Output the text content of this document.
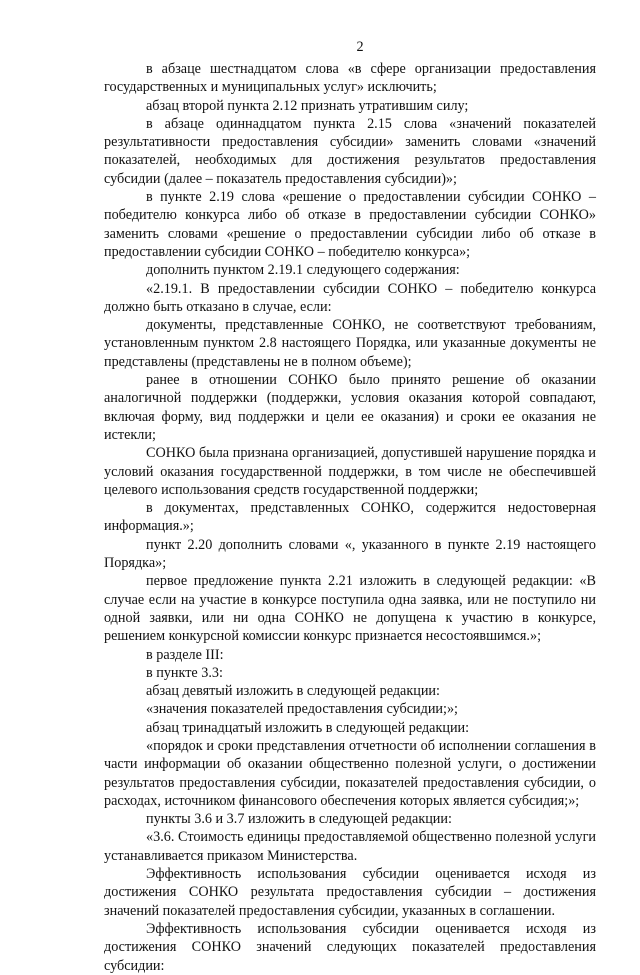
2

в абзаце шестнадцатом слова «в сфере организации предоставления государственных и муниципальных услуг» исключить;

абзац второй пункта 2.12 признать утратившим силу;

в абзаце одиннадцатом пункта 2.15 слова «значений показателей результативности предоставления субсидии» заменить словами «значений показателей, необходимых для достижения результатов предоставления субсидии (далее – показатель предоставления субсидии)»;

в пункте 2.19 слова «решение о предоставлении субсидии СОНКО – победителю конкурса либо об отказе в предоставлении субсидии СОНКО» заменить словами «решение о предоставлении субсидии либо об отказе в предоставлении субсидии СОНКО – победителю конкурса»;

дополнить пунктом 2.19.1 следующего содержания:

«2.19.1. В предоставлении субсидии СОНКО – победителю конкурса должно быть отказано в случае, если:

документы, представленные СОНКО, не соответствуют требованиям, установленным пунктом 2.8 настоящего Порядка, или указанные документы не представлены (представлены не в полном объеме);

ранее в отношении СОНКО было принято решение об оказании аналогичной поддержки (поддержки, условия оказания которой совпадают, включая форму, вид поддержки и цели ее оказания) и сроки ее оказания не истекли;

СОНКО была признана организацией, допустившей нарушение порядка и условий оказания государственной поддержки, в том числе не обеспечившей целевого использования средств государственной поддержки;

в документах, представленных СОНКО, содержится недостоверная информация.»;

пункт 2.20 дополнить словами «, указанного в пункте 2.19 настоящего Порядка»;

первое предложение пункта 2.21 изложить в следующей редакции: «В случае если на участие в конкурсе поступила одна заявка, или не поступило ни одной заявки, или ни одна СОНКО не допущена к участию в конкурсе, решением конкурсной комиссии конкурс признается несостоявшимся.»;

в разделе III:

в пункте 3.3:

абзац девятый изложить в следующей редакции:

«значения показателей предоставления субсидии;»;

абзац тринадцатый изложить в следующей редакции:

«порядок и сроки представления отчетности об исполнении соглашения в части информации об оказании общественно полезной услуги, о достижении результатов предоставления субсидии, показателей предоставления субсидии, о расходах, источником финансового обеспечения которых является субсидия;»;

пункты 3.6 и 3.7 изложить в следующей редакции:

«3.6. Стоимость единицы предоставляемой общественно полезной услуги устанавливается приказом Министерства.

Эффективность использования субсидии оценивается исходя из достижения СОНКО результата предоставления субсидии – достижения значений показателей предоставления субсидии, указанных в соглашении.

Эффективность использования субсидии оценивается исходя из достижения СОНКО значений следующих показателей предоставления субсидии:
